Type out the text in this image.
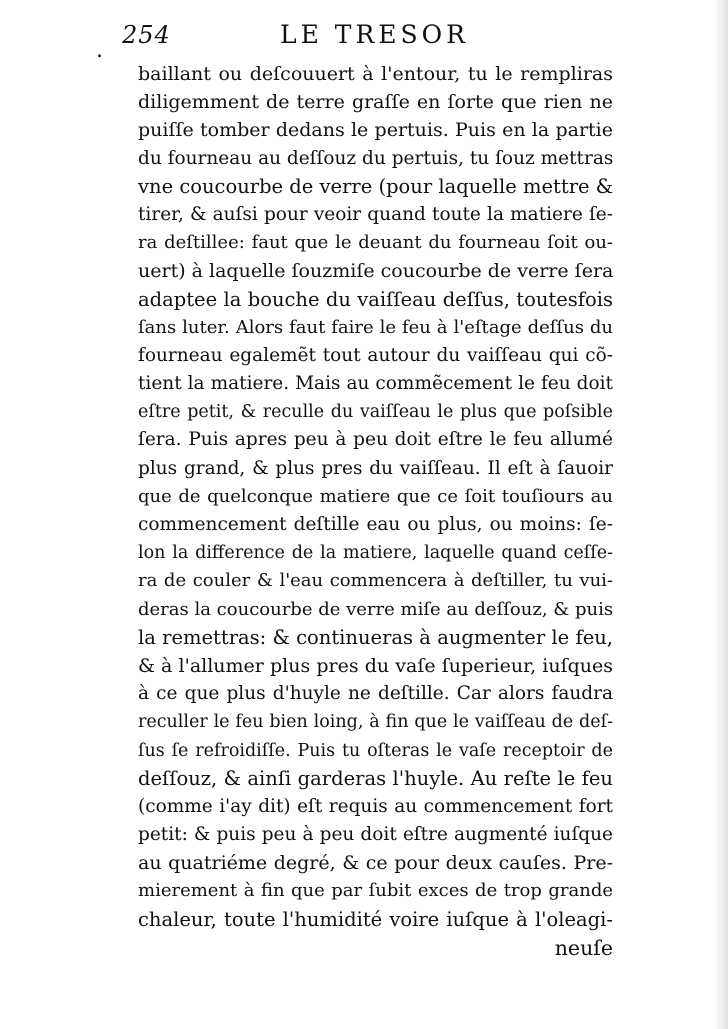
.
254	LE TRESOR
baillant ou deſcouuert à l'entour, tu le rempliras
diligemment de terre graſſe en ſorte que rien ne
puiſſe tomber dedans le pertuis. Puis en la partie
du fourneau au deſſouz du pertuis, tu ſouz mettras
vne coucourbe de verre (pour laquelle mettre &
tirer, & auſsi pour veoir quand toute la matiere ſe-
ra deſtillee: faut que le deuant du fourneau ſoit ou-
uert) à laquelle ſouzmiſe coucourbe de verre ſera
adaptee la bouche du vaiſſeau deſſus, toutesfois
ſans luter. Alors faut faire le feu à l'eſtage deſſus du
fourneau egalemẽt tout autour du vaiſſeau qui cõ-
tient la matiere. Mais au commẽcement le feu doit
eſtre petit, & reculle du vaiſſeau le plus que poſsible
ſera. Puis apres peu à peu doit eſtre le feu allumé
plus grand, & plus pres du vaiſſeau. Il eſt à ſauoir
que de quelconque matiere que ce ſoit touſiours au
commencement deſtille eau ou plus, ou moins: ſe-
lon la difference de la matiere, laquelle quand ceſſe-
ra de couler & l'eau commencera à deſtiller, tu vui-
deras la coucourbe de verre miſe au deſſouz, & puis
la remettras: & continueras à augmenter le feu,
& à l'allumer plus pres du vaſe ſuperieur, iuſques
à ce que plus d'huyle ne deſtille. Car alors faudra
reculler le feu bien loing, à fin que le vaiſſeau de deſ-
ſus ſe refroidiſſe. Puis tu oſteras le vaſe receptoir de
deſſouz, & ainſi garderas l'huyle. Au reſte le feu
(comme i'ay dit) eſt requis au commencement fort
petit: & puis peu à peu doit eſtre augmenté iuſque
au quatriéme degré, & ce pour deux cauſes. Pre-
mierement à fin que par ſubit exces de trop grande
chaleur, toute l'humidité voire iuſque à l'oleagi-
neuſe
